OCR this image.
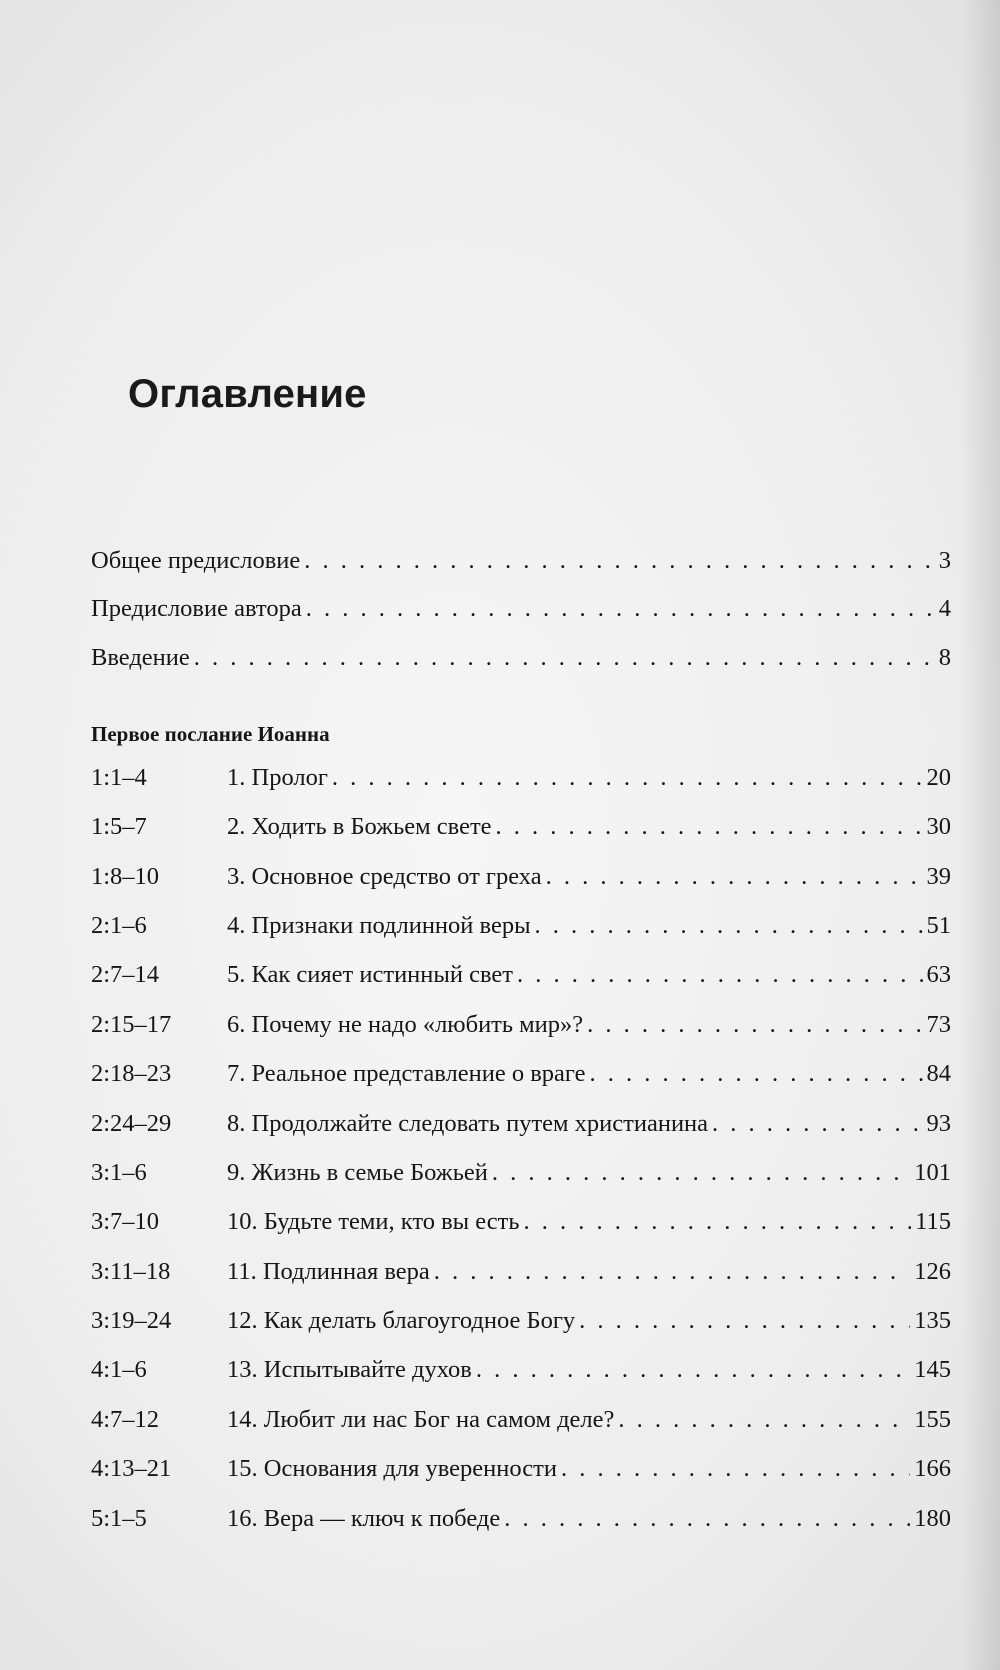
Оглавление
Общее предисловие . . .	3
Предисловие автора . . .	4
Введение . . .	8
Первое послание Иоанна
1:1–4	1. Пролог . . .	20
1:5–7	2. Ходить в Божьем свете . . .	30
1:8–10	3. Основное средство от греха . . .	39
2:1–6	4. Признаки подлинной веры . . .	51
2:7–14	5. Как сияет истинный свет . . .	63
2:15–17	6. Почему не надо «любить мир»? . . .	73
2:18–23	7. Реальное представление о враге . . .	84
2:24–29	8. Продолжайте следовать путем христианина . . .	93
3:1–6	9. Жизнь в семье Божьей . . .	101
3:7–10	10. Будьте теми, кто вы есть . . .	115
3:11–18	11. Подлинная вера . . .	126
3:19–24	12. Как делать благоугодное Богу . . .	135
4:1–6	13. Испытывайте духов . . .	145
4:7–12	14. Любит ли нас Бог на самом деле? . . .	155
4:13–21	15. Основания для уверенности . . .	166
5:1–5	16. Вера — ключ к победе . . .	180
